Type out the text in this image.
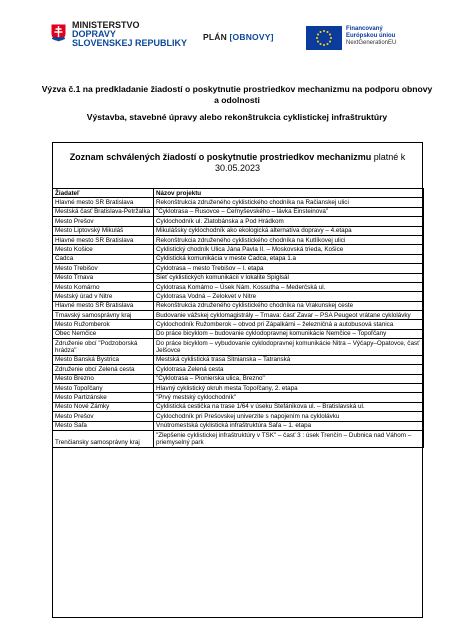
MINISTERSTVO
DOPRAVY
SLOVENSKEJ REPUBLIKY
PLÁN [OBNOVY]
Financovaný
Európskou úniou
NextGenerationEU
Výzva č.1 na predkladanie žiadostí o poskytnutie prostriedkov mechanizmu na podporu obnovy a odolnosti
Výstavba, stavebné úpravy alebo rekonštrukcia cyklistickej infraštruktúry
Zoznam schválených žiadostí o poskytnutie prostriedkov mechanizmu platné k 30.05.2023
Žiadateľ	Názov projektu
Hlavné mesto SR Bratislava	Rekonštrukcia združeného cyklistického chodníka na Račianskej ulici
Mestská časť Bratislava-Petržalka	"Cyklotrasa – Rusovce – Čeŕnyševského – lávka Einsteinova"
Mesto Prešov	Cyklochodník ul. Zlatobánska a Pod Hrádkom
Mesto Liptovský Mikuláš	Mikulášsky cyklochodník ako ekologická alternatíva dopravy – 4.etapa
Hlavné mesto SR Bratislava	Rekonštrukcia združeného cyklistického chodníka na Kutlíkovej ulici
Mesto Košice	Cyklistický chodník Ulica Jána Pavla II. – Moskovská trieda, Košice
Čadca	Cyklistická komunikácia v meste Čadca, etapa 1.a
Mesto Trebišov	Cyklotrasa – mesto Trebišov – I. etapa
Mesto Trnava	Sieť cyklistických komunikácií v lokalite Špiglsál
Mesto Komárno	Cyklotrasa Komárno – Úsek Nám. Kossutha – Mederčská ul.
Mestský úrad v Nitre	Cyklotrasa Vodná – Zelokvet v Nitre
Hlavné mesto SR Bratislava	Rekonštrukcia združeného cyklistického chodníka na Vrakunskej ceste
Trnavský samosprávny kraj	Budovanie vážskej cyklomagistrály – Trnava: časť Zavar – PSA Peugeot vrátane cyklolávky
Mesto Ružomberok	Cyklochodník Ružomberok – obvod pri Zápalkárni – železničná a autobusová stanica
Obec Nemčice	Do práce bicyklom – budovanie cyklodopravnej komunikácie Nemčice – Topoľčany
Združenie obcí "Podzoborská hrádza"	Do práce bicyklom – vybudovanie cyklodopravnej komunikácie Nitra – Výčapy–Opatovce, časť Jelšovce
Mesto Banská Bystrica	Mestská cyklistická trasa Sitnianska – Tatranská
Združenie obcí Zelená cesta	Cyklotrasa Zelená cesta
Mesto Brezno	"Cyklotrasa – Pionierska ulica, Brezno"
Mesto Topoľčany	Hlavný cyklistický okruh mesta Topoľčany, 2. etapa
Mesto Partizánske	"Prvý mestský cyklochodník"
Mesto Nové Zámky	Cyklistická cestička na trase 1/64 v úseku Štefánikova ul. – Bratislavská ul.
Mesto Prešov	Cyklochodník pri Prešovskej univerzite s napojením na cyklolávku
Mesto Šaľa	Vnútromestská cyklistická infraštruktúra Šaľa – 1. etapa
Trenčiansky samosprávny kraj	"Zlepšenie cyklistickej infraštruktúry v TSK" – časť 3 : úsek Trenčín – Dubnica nad Váhom – priemyselný park
